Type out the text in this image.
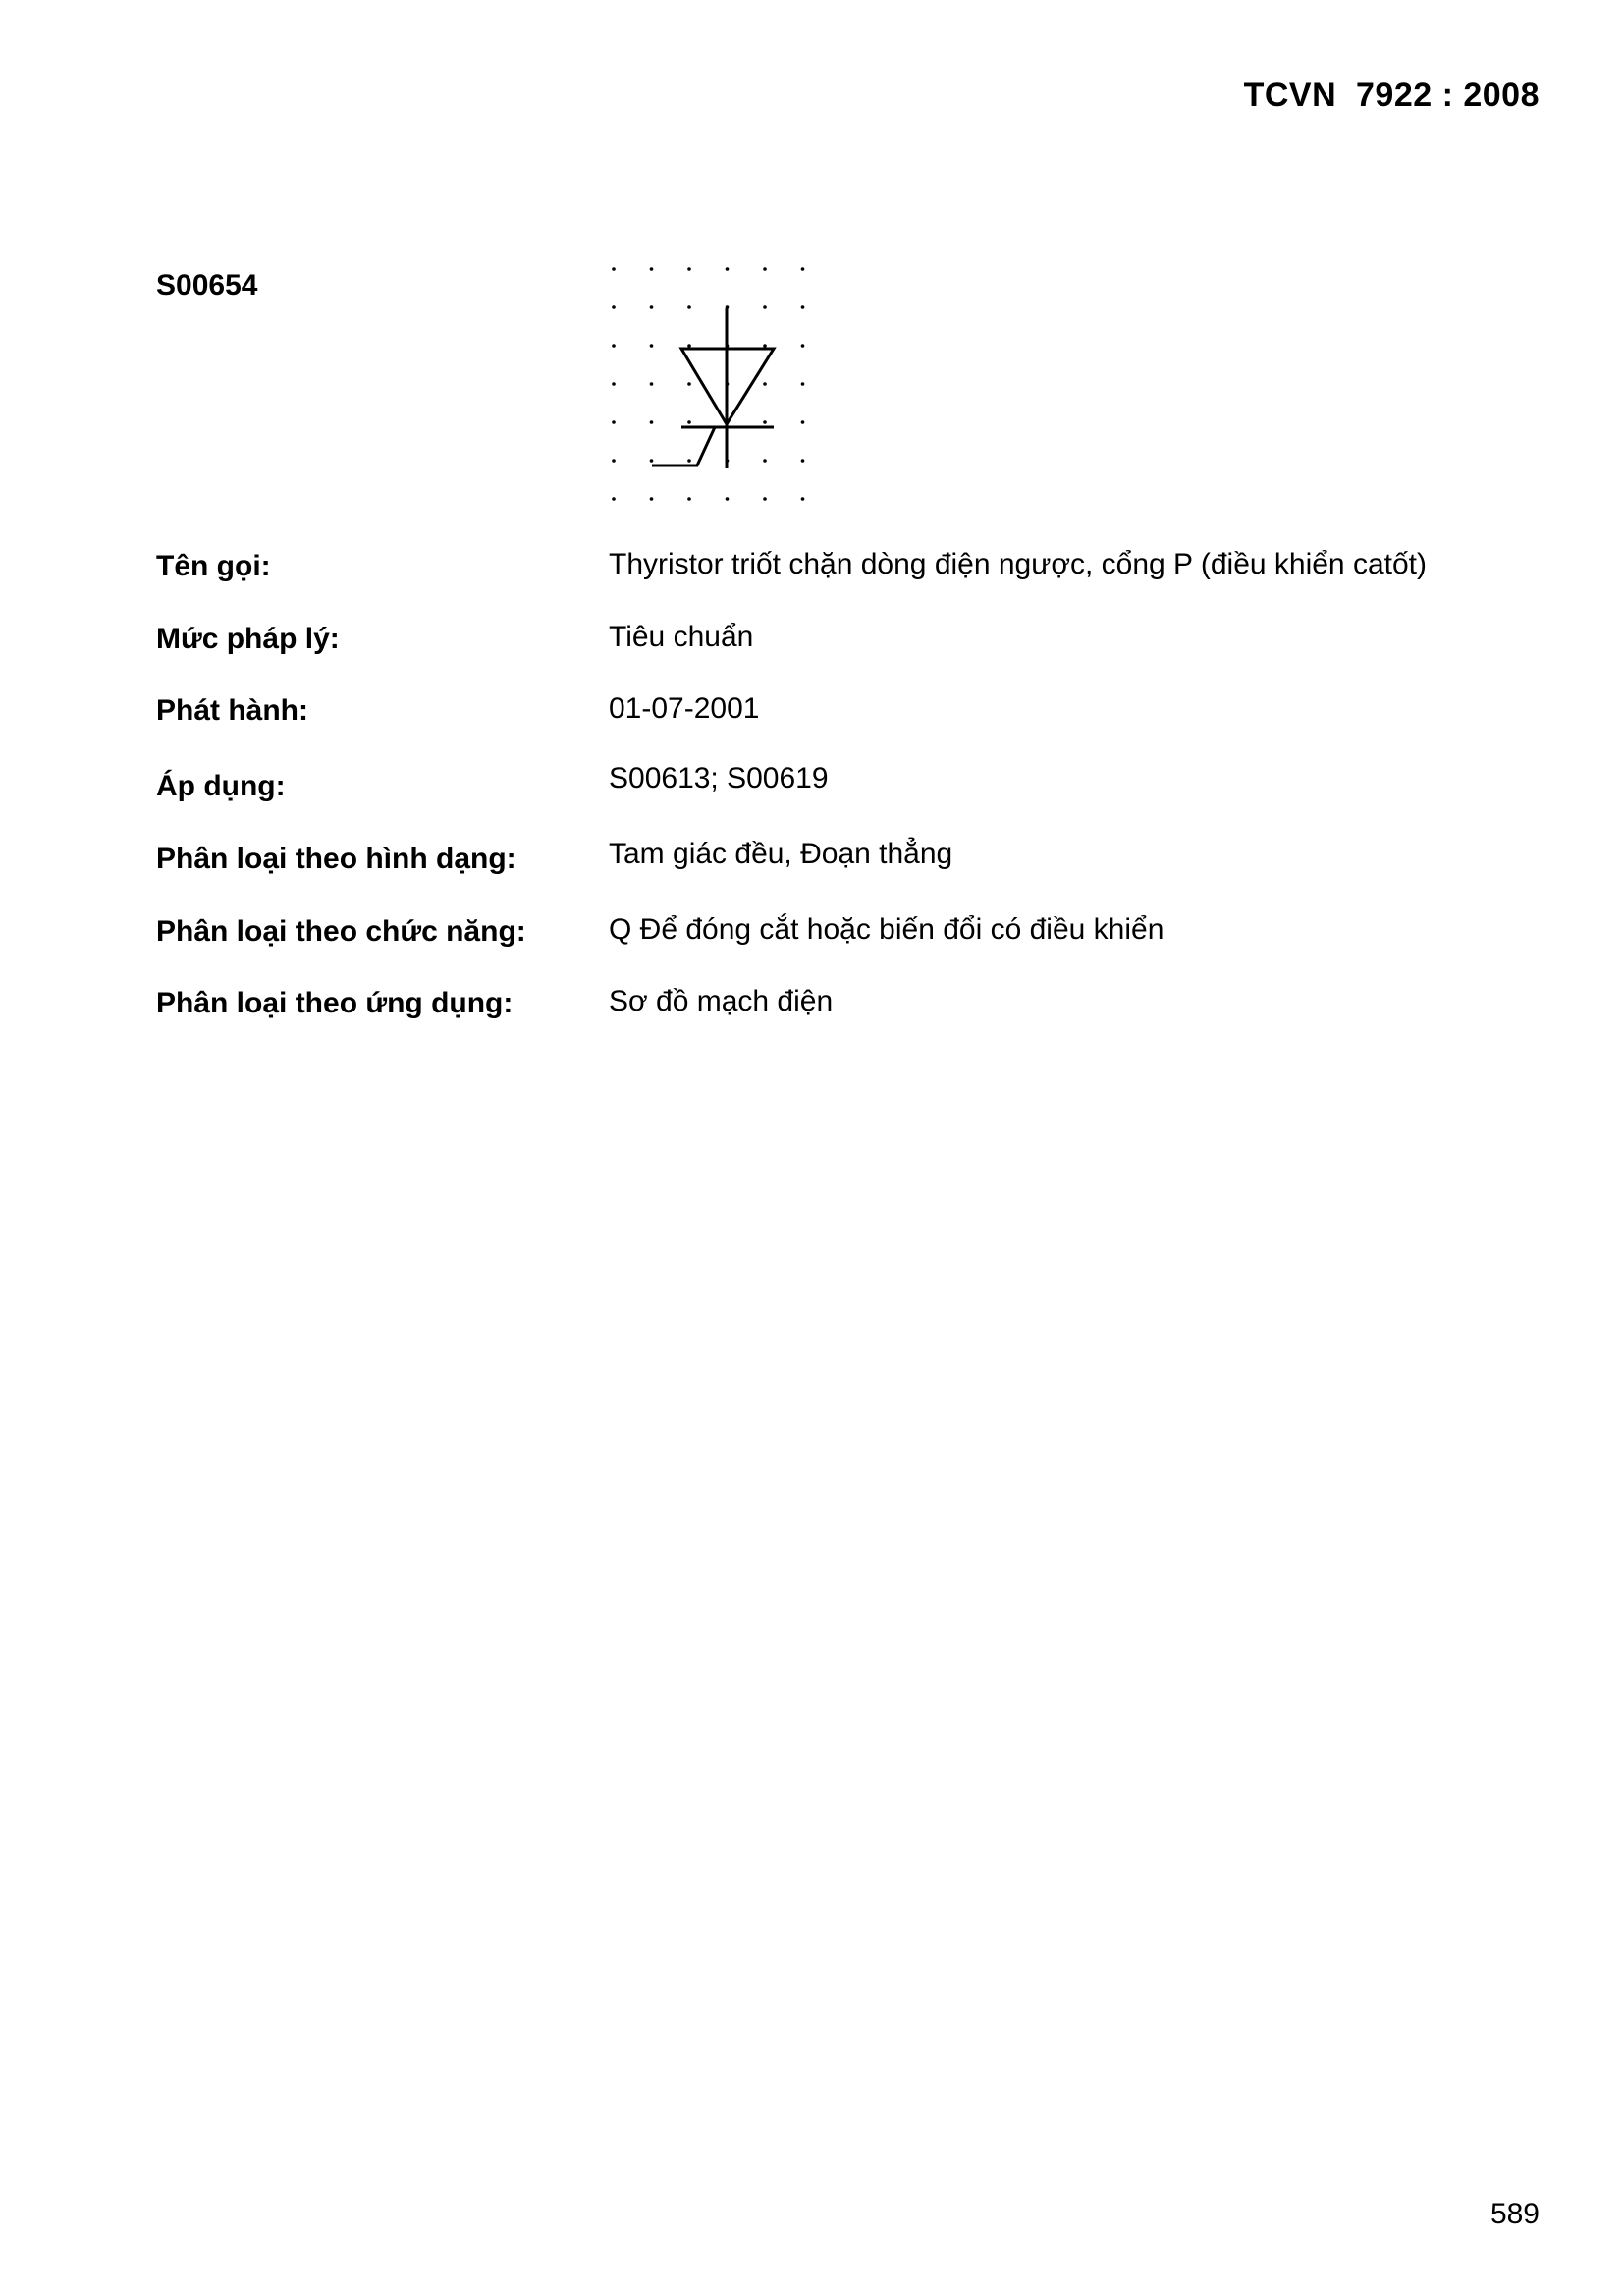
TCVN  7922 : 2008
S00654
Tên gọi:	Thyristor triốt chặn dòng điện ngược, cổng P (điều khiển catốt)
Mức pháp lý:	Tiêu chuẩn
Phát hành:	01-07-2001
Áp dụng:	S00613; S00619
Phân loại theo hình dạng:	Tam giác đều, Đoạn thẳng
Phân loại theo chức năng:	Q Để đóng cắt hoặc biến đổi có điều khiển
Phân loại theo ứng dụng:	Sơ đồ mạch điện
589
